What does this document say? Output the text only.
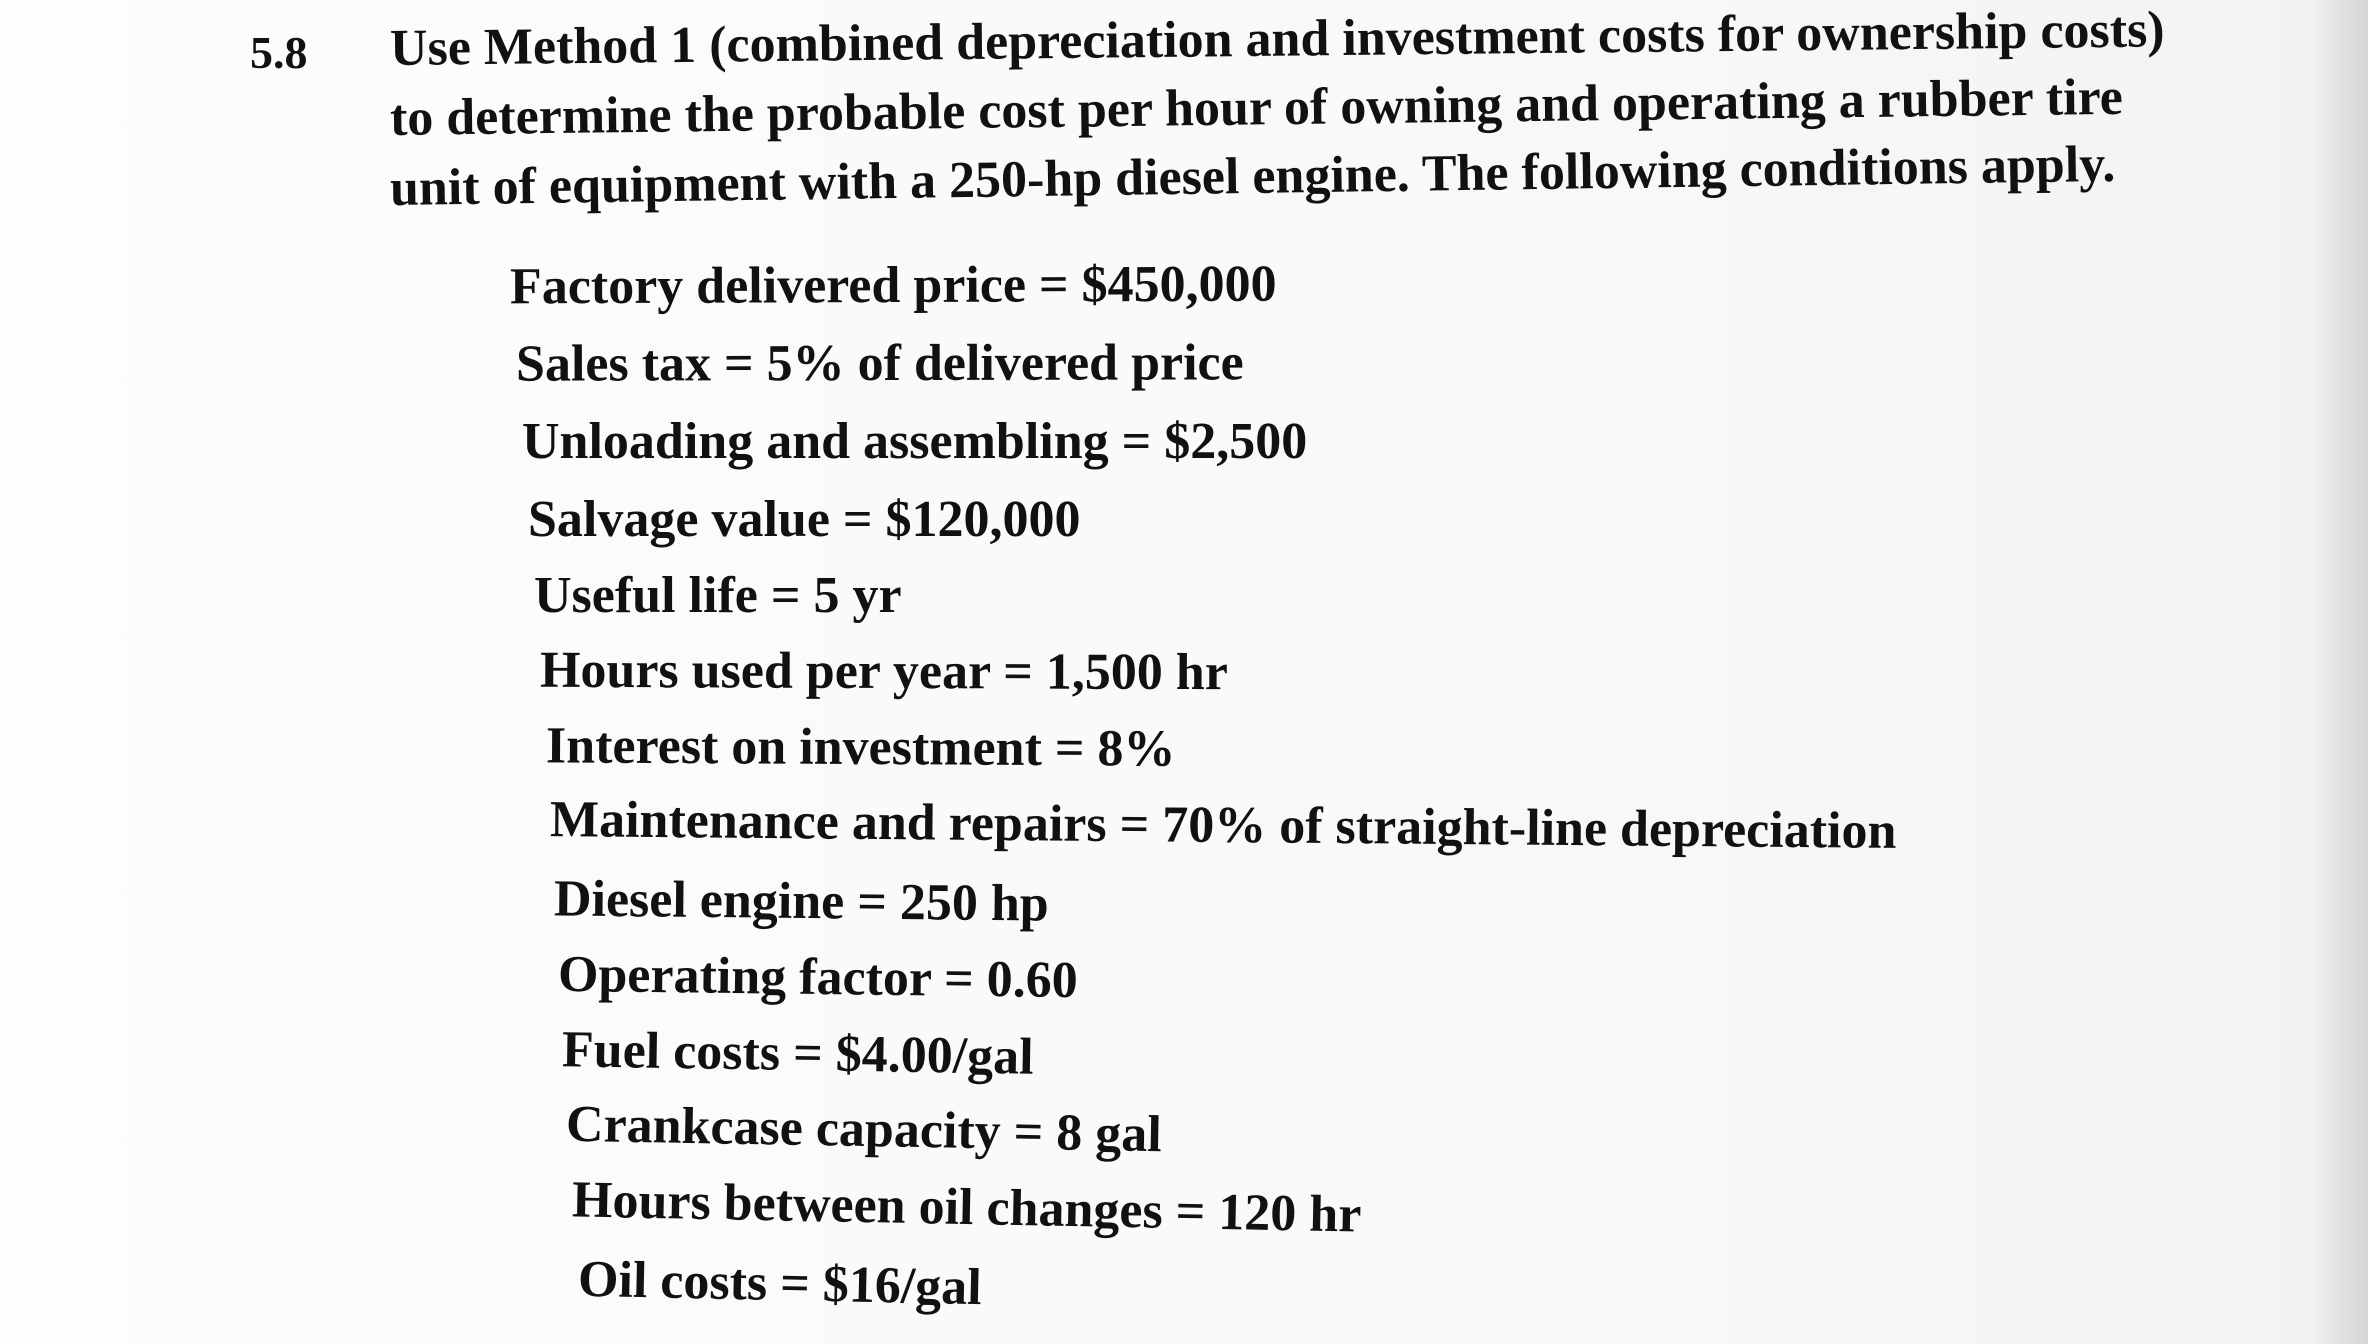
5.8 Use Method 1 (combined depreciation and investment costs for ownership costs)
to determine the probable cost per hour of owning and operating a rubber tire
unit of equipment with a 250-hp diesel engine. The following conditions apply.

Factory delivered price = $450,000
Sales tax = 5% of delivered price
Unloading and assembling = $2,500
Salvage value = $120,000
Useful life = 5 yr
Hours used per year = 1,500 hr
Interest on investment = 8%
Maintenance and repairs = 70% of straight-line depreciation
Diesel engine = 250 hp
Operating factor = 0.60
Fuel costs = $4.00/gal
Crankcase capacity = 8 gal
Hours between oil changes = 120 hr
Oil costs = $16/gal
